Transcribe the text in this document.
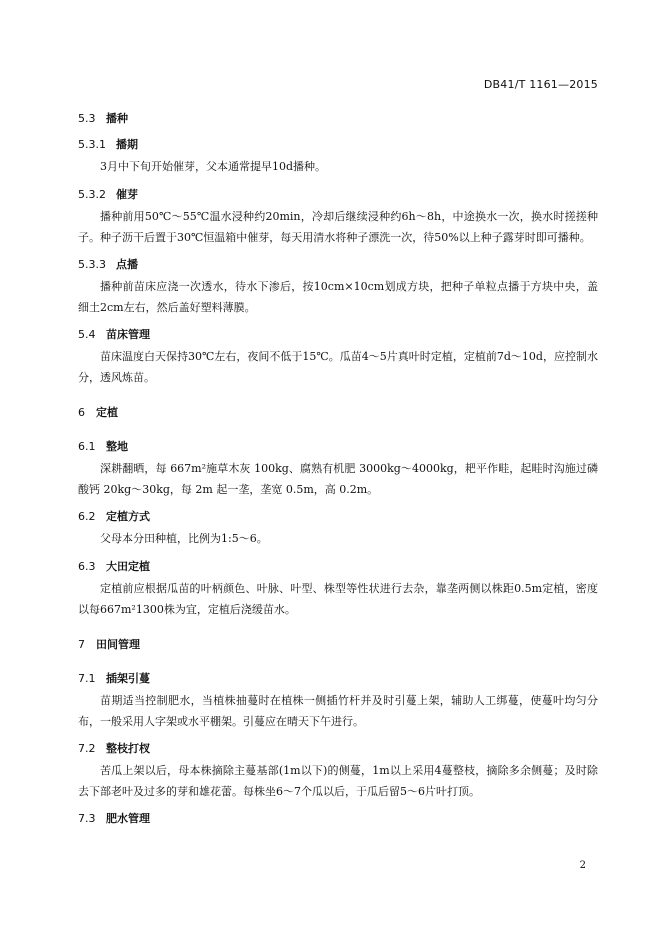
DB41/T 1161—2015
5.3 播种
5.3.1 播期
3月中下旬开始催芽，父本通常提早10d播种。
5.3.2 催芽
播种前用50℃～55℃温水浸种约20min，冷却后继续浸种约6h～8h，中途换水一次，换水时搓搓种子。种子沥干后置于30℃恒温箱中催芽，每天用清水将种子漂洗一次，待50%以上种子露芽时即可播种。
5.3.3 点播
播种前苗床应浇一次透水，待水下渗后，按10cm×10cm划成方块，把种子单粒点播于方块中央，盖细土2cm左右，然后盖好塑料薄膜。
5.4 苗床管理
苗床温度白天保持30℃左右，夜间不低于15℃。瓜苗4～5片真叶时定植，定植前7d～10d，应控制水分，透风炼苗。
6 定植
6.1 整地
深耕翻晒，每 667m²施草木灰 100kg、腐熟有机肥 3000kg～4000kg，耙平作畦，起畦时沟施过磷酸钙 20kg～30kg，每 2m 起一垄，垄宽 0.5m，高 0.2m。
6.2 定植方式
父母本分田种植，比例为1:5～6。
6.3 大田定植
定植前应根据瓜苗的叶柄颜色、叶脉、叶型、株型等性状进行去杂，靠垄两侧以株距0.5m定植，密度以每667m²1300株为宜，定植后浇缓苗水。
7 田间管理
7.1 插架引蔓
苗期适当控制肥水，当植株抽蔓时在植株一侧插竹杆并及时引蔓上架，辅助人工绑蔓，使蔓叶均匀分布，一般采用人字架或水平棚架。引蔓应在晴天下午进行。
7.2 整枝打杈
苦瓜上架以后，母本株摘除主蔓基部(1m以下)的侧蔓，1m以上采用4蔓整枝，摘除多余侧蔓；及时除去下部老叶及过多的芽和雄花蕾。每株坐6～7个瓜以后，于瓜后留5～6片叶打顶。
7.3 肥水管理
2
